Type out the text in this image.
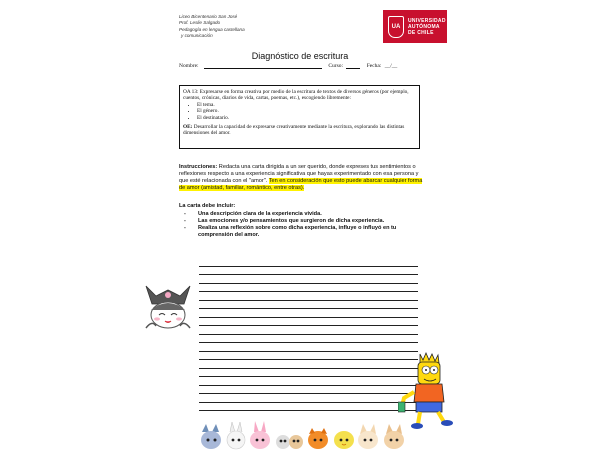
Liceo Bicentenario San José
Prof. Leslie Salgado
Pedagogía en lengua castellana
y comunicación
UA
UNIVERSIDAD
AUTÓNOMA
DE CHILE
Diagnóstico de escritura
Nombre:	Curso:	Fecha: __/__
OA 13: Expresarse en forma creativa por medio de la escritura de textos de diversos géneros (por ejemplo, cuentos, crónicas, diarios de vida, cartas, poemas, etc.), escogiendo libremente:
• El tema.
• El género.
• El destinatario.
OE: Desarrollar la capacidad de expresarse creativamente mediante la escritura, explorando las distintas dimensiones del amor.
Instrucciones: Redacta una carta dirigida a un ser querido, donde expreses tus sentimientos o reflexiones respecto a una experiencia significativa que hayas experimentado con esa persona y que esté relacionada con el "amor". Ten en consideración que esto puede abarcar cualquier forma de amor (amistad, familiar, romántico, entre otras).
La carta debe incluir:
- Una descripción clara de la experiencia vivida.
- Las emociones y/o pensamientos que surgieron de dicha experiencia.
- Realiza una reflexión sobre como dicha experiencia, influye o influyó en tu comprensión del amor.
